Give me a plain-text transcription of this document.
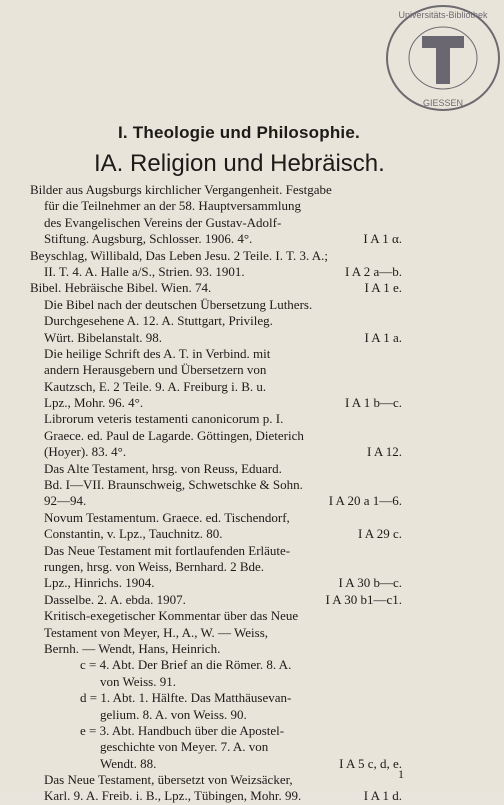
Universitäts-Bibliothek
GIESSEN
I. Theologie und Philosophie.
IA. Religion und Hebräisch.
Bilder aus Augsburgs kirchlicher Vergangenheit. Festgabe
für die Teilnehmer an der 58. Hauptversammlung
des Evangelischen Vereins der Gustav-Adolf-
Stiftung. Augsburg, Schlosser. 1906. 4°.	I A 1 α.
Beyschlag, Willibald, Das Leben Jesu. 2 Teile. I. T. 3. A.;
II. T. 4. A. Halle a/S., Strien. 93. 1901.	I A 2 a—b.
Bibel. Hebräische Bibel. Wien. 74.	I A 1 e.
Die Bibel nach der deutschen Übersetzung Luthers.
Durchgesehene A. 12. A. Stuttgart, Privileg.
Würt. Bibelanstalt. 98.	I A 1 a.
Die heilige Schrift des A. T. in Verbind. mit
andern Herausgebern und Übersetzern von
Kautzsch, E. 2 Teile. 9. A. Freiburg i. B. u.
Lpz., Mohr. 96. 4°.	I A 1 b—c.
Librorum veteris testamenti canonicorum p. I.
Graece. ed. Paul de Lagarde. Göttingen, Dieterich
(Hoyer). 83. 4°.	I A 12.
Das Alte Testament, hrsg. von Reuss, Eduard.
Bd. I—VII. Braunschweig, Schwetschke & Sohn.
92—94.	I A 20 a 1—6.
Novum Testamentum. Graece. ed. Tischendorf,
Constantin, v. Lpz., Tauchnitz. 80.	I A 29 c.
Das Neue Testament mit fortlaufenden Erläute-
rungen, hrsg. von Weiss, Bernhard. 2 Bde.
Lpz., Hinrichs. 1904.	I A 30 b—c.
Dasselbe. 2. A. ebda. 1907.	I A 30 b1—c1.
Kritisch-exegetischer Kommentar über das Neue
Testament von Meyer, H., A., W. — Weiss,
Bernh. — Wendt, Hans, Heinrich.
c = 4. Abt. Der Brief an die Römer. 8. A.
von Weiss. 91.
d = 1. Abt. 1. Hälfte. Das Matthäusevan-
gelium. 8. A. von Weiss. 90.
e = 3. Abt. Handbuch über die Apostel-
geschichte von Meyer. 7. A. von
Wendt. 88.	I A 5 c, d, e.
Das Neue Testament, übersetzt von Weizsäcker,
Karl. 9. A. Freib. i. B., Lpz., Tübingen, Mohr. 99.	I A 1 d.
1
